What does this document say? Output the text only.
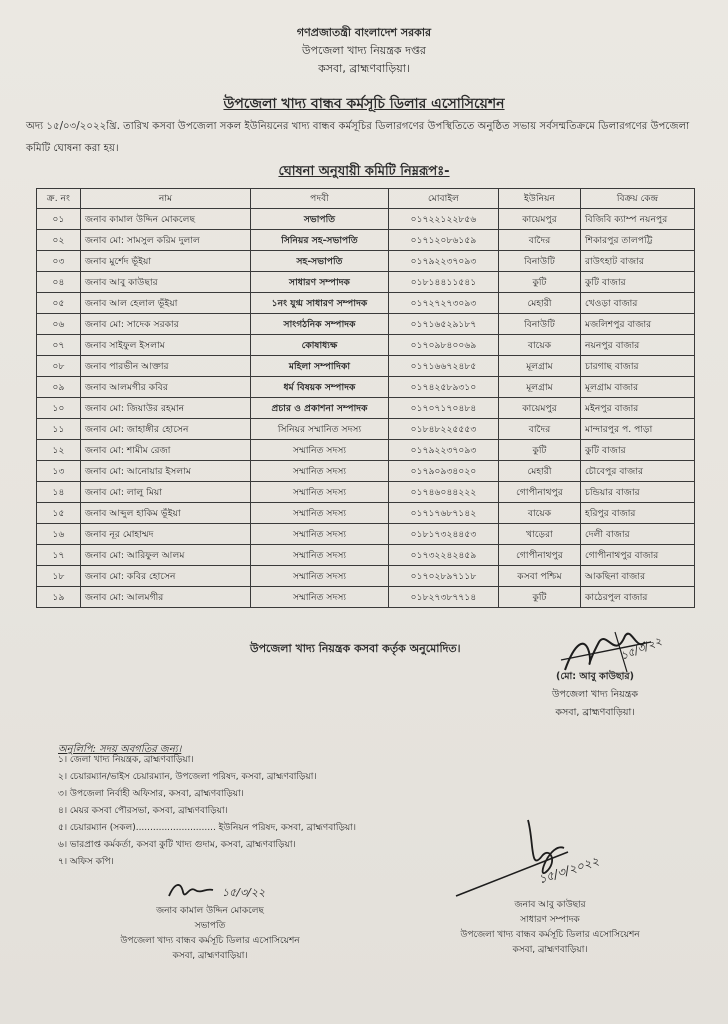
গণপ্রজাতন্ত্রী বাংলাদেশ সরকার
উপজেলা খাদ্য নিয়ন্ত্রক দপ্তর
কসবা, ব্রাহ্মণবাড়িয়া।
উপজেলা খাদ্য বান্ধব কর্মসূচি ডিলার এসোসিয়েশন
অদ্য ১৫/০৩/২০২২খ্রি. তারিখ কসবা উপজেলা সকল ইউনিয়নের খাদ্য বান্ধব কর্মসূচির ডিলারগণের উপস্থিতিতে অনুষ্ঠিত সভায় সর্বসম্মতিক্রমে ডিলারগণের উপজেলা কমিটি ঘোষনা করা হয়।
ঘোষনা অনুযায়ী কমিটি নিম্নরূপঃ-
ক্র. নং	নাম	পদবী	মোবাইল	ইউনিয়ন	বিক্রয় কেন্দ্র
০১	জনাব কামাল উদ্দিন মোকলেছ	সভাপতি	০১৭২২১২২৮৫৬	কায়েমপুর	বিজিবি ক্যাম্প নয়নপুর
০২	জনাব মো: সামসুল করিম দুলাল	সিনিয়র সহ-সভাপতি	০১৭১২০৮৬১৫৯	বাদৈর	শিকারপুর তালপট্টি
০৩	জনাব মুর্শেদ ভূঁইয়া	সহ-সভাপতি	০১৭৯২২৩৭০৯৩	বিনাউটি	রাউৎহাট বাজার
০৪	জনাব আবু কাউছার	সাধারণ সম্পাদক	০১৮১৪৪১১৫৪১	কুটি	কুটি বাজার
০৫	জনাব আল হেলাল ভূঁইয়া	১নং যুগ্ম সাধারণ সম্পাদক	০১৭২৭২৭৩০৯৩	মেহারী	খেওড়া বাজার
০৬	জনাব মো: সাদেক সরকার	সাংগঠনিক সম্পাদক	০১৭১৬৫২৯১৮৭	বিনাউটি	মজলিশপুর বাজার
০৭	জনাব সাইফুল ইসলাম	কোষাধ্যক্ষ	০১৭০৯৮৪০০৬৯	বায়েক	নয়নপুর বাজার
০৮	জনাব পারভীন আক্তার	মহিলা সম্পাদিকা	০১৭১৬৬৭২৪৮৫	মূলগ্রাম	চারগাছ বাজার
০৯	জনাব আলমগীর কবির	ধর্ম বিষয়ক সম্পাদক	০১৭৪২৫৮৯৩১০	মূলগ্রাম	মূলগ্রাম বাজার
১০	জনাব মো: জিয়াউর রহমান	প্রচার ও প্রকাশনা সম্পাদক	০১৭০৭১৭০৪৮৪	কায়েমপুর	মইনপুর বাজার
১১	জনাব মো: জাহাঙ্গীর হোসেন	সিনিয়র সম্মানিত সদস্য	০১৮৪৮২২৫৫৫৩	বাদৈর	মান্দারপুর প. পাড়া
১২	জনাব মো: শামীম রেজা	সম্মানিত সদস্য	০১৭৯২২৩৭০৯৩	কুটি	কুটি বাজার
১৩	জনাব মো: আনোয়ার ইসলাম	সম্মানিত সদস্য	০১৭৯০৯৩৪০২০	মেহারী	চৌবেপুর বাজার
১৪	জনাব মো: লালু মিয়া	সম্মানিত সদস্য	০১৭৪৬০৪৪২২২	গোপীনাথপুর	চন্ডিয়ার বাজার
১৫	জনাব আব্দুল হাকিম ভূঁইয়া	সম্মানিত সদস্য	০১৭১৭৬৮৭১৪২	বায়েক	হরিপুর বাজার
১৬	জনাব নূর মোহাম্মদ	সম্মানিত সদস্য	০১৮১৭৩২৪৪৫৩	খাড়েরা	দেলী বাজার
১৭	জনাব মো: আরিফুল আলম	সম্মানিত সদস্য	০১৭৩২২৪২৪৫৯	গোপীনাথপুর	গোপীনাথপুর বাজার
১৮	জনাব মো: কবির হোসেন	সম্মানিত সদস্য	০১৭০২৮৯৭১১৮	কসবা পশ্চিম	আকছিনা বাজার
১৯	জনাব মো: আলমগীর	সম্মানিত সদস্য	০১৮২৭৩৮৭৭১৪	কুটি	কাঠেরপুল বাজার
উপজেলা খাদ্য নিয়ন্ত্রক কসবা কর্তৃক অনুমোদিত।	১৫/৩/২২
(মো: আবু কাউছার)
উপজেলা খাদ্য নিয়ন্ত্রক
কসবা, ব্রাহ্মণবাড়িয়া।
অনুলিপি: সদয় অবগতির জন্য।
১। জেলা খাদ্য নিয়ন্ত্রক, ব্রাহ্মণবাড়িয়া।
২। চেয়ারম্যান/ভাইস চেয়ারম্যান, উপজেলা পরিষদ, কসবা, ব্রাহ্মণবাড়িয়া।
৩। উপজেলা নির্বাহী অফিসার, কসবা, ব্রাহ্মণবাড়িয়া।
৪। মেয়র কসবা পৌরসভা, কসবা, ব্রাহ্মণবাড়িয়া।
৫। চেয়ারম্যান (সকল)............................ ইউনিয়ন পরিষদ, কসবা, ব্রাহ্মণবাড়িয়া।
৬। ভারপ্রাপ্ত কর্মকর্তা, কসবা কুটি খাদ্য গুদাম, কসবা, ব্রাহ্মণবাড়িয়া।
৭। অফিস কপি।
১৫/৩/২২
জনাব কামাল উদ্দিন মোকলেছ
সভাপতি
উপজেলা খাদ্য বান্ধব কর্মসূচি ডিলার এসোসিয়েশন
কসবা, ব্রাহ্মণবাড়িয়া।
১৫/৩/২০২২
জনাব আবু কাউছার
সাধারণ সম্পাদক
উপজেলা খাদ্য বান্ধব কর্মসূচি ডিলার এসোসিয়েশন
কসবা, ব্রাহ্মণবাড়িয়া।
